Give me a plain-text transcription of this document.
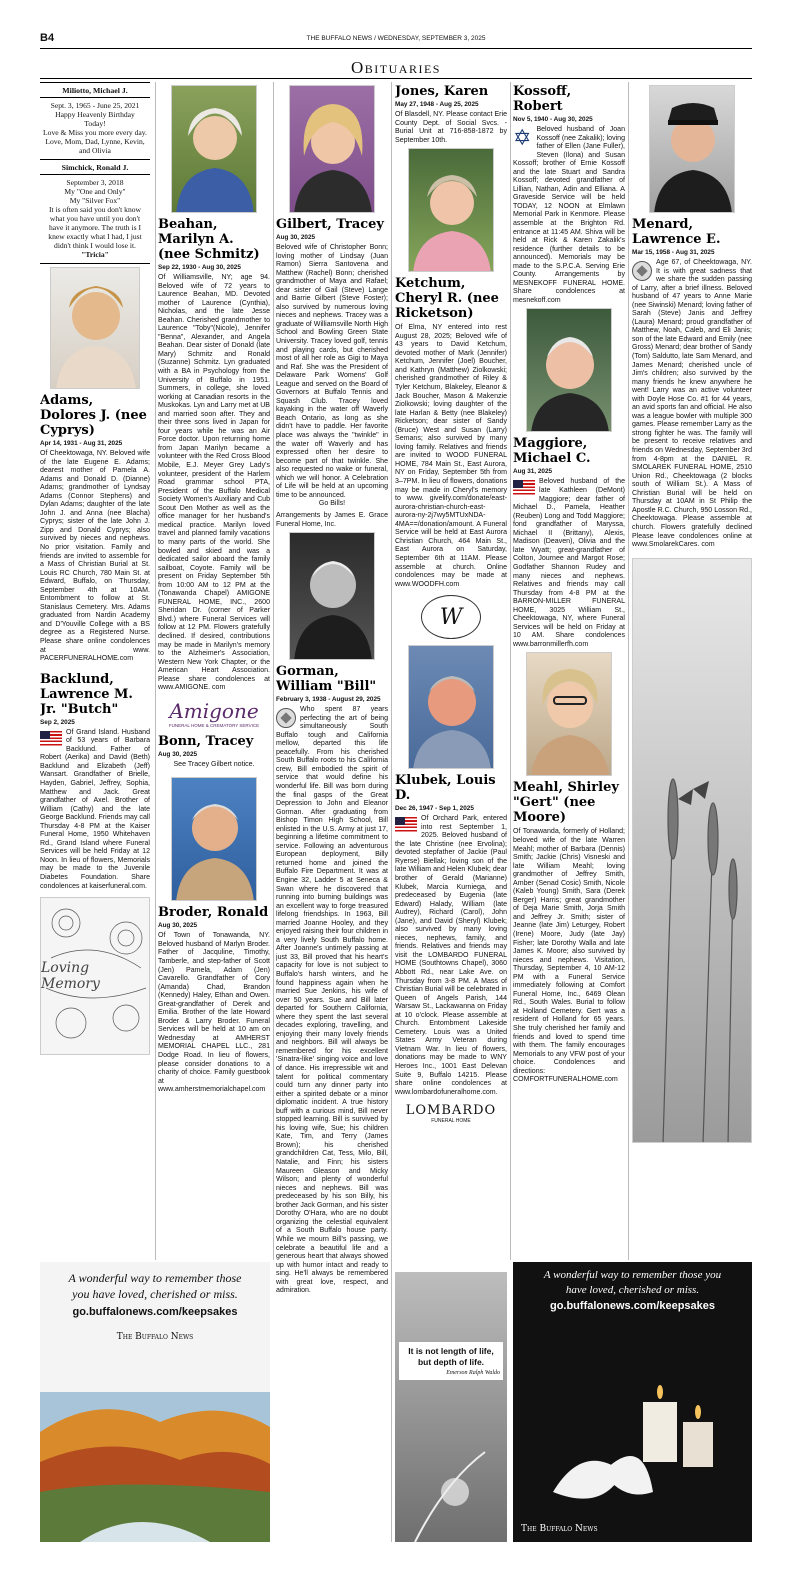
B4	THE BUFFALO NEWS / WEDNESDAY, SEPTEMBER 3, 2025
Obituaries
Miliotto, Michael J.
Sept. 3, 1965 - June 25, 2021
Happy Heavenly Birthday
Today!
Love & Miss you more every day.
Love, Mom, Dad, Lynne, Kevin,
and Olivia
Simchick, Ronald J.
September 3, 2018
My "One and Only"
My "Silver Fox"
It is often said you don't know
what you have until you don't
have it anymore. The truth is I
knew exactly what I had, I just
didn't think I would lose it.
"Tricia"
Adams, Dolores J. (nee Cyprys)
Apr 14, 1931 - Aug 31, 2025
Of Cheektowaga, NY. Beloved wife of the late Eugene E. Adams; dearest mother of Pamela A. Adams and Donald D. (Dianne) Adams; grandmother of Lyndsay Adams (Connor Stephens) and Dylan Adams; daughter of the late John J. and Anna (nee Blacha) Cyprys; sister of the late John J. Zipp and Donald Cyprys; also survived by nieces and nephews. No prior visitation. Family and friends are invited to assemble for a Mass of Christian Burial at St. Louis RC Church, 780 Main St. at Edward, Buffalo, on Thursday, September 4th at 10AM. Entombment to follow at St. Stanislaus Cemetery. Mrs. Adams graduated from Nardin Academy and D'Youville College with a BS degree as a Registered Nurse. Please share online condolences at www. PACERFUNERALHOME.com
Backlund, Lawrence M. Jr. "Butch"
Sep 2, 2025
Of Grand Island. Husband of 53 years of Barbara Backlund. Father of Robert (Aerika) and David (Beth) Backlund and Elizabeth (Jeff) Wansart. Grandfather of Brielle, Hayden, Gabriel, Jeffrey, Sophia, Matthew and Jack. Great grandfather of Axel. Brother of William (Cathy) and the late George Backlund. Friends may call Thursday 4-8 PM at the Kaiser Funeral Home, 1950 Whitehaven Rd., Grand Island where Funeral Services will be held Friday at 12 Noon. In lieu of flowers, Memorials may be made to the Juvenile Diabetes Foundation. Share condolences at kaiserfuneral.com.
Loving Memory
Beahan, Marilyn A. (nee Schmitz)
Sep 22, 1930 - Aug 30, 2025
Of Williamsville, NY; age 94. Beloved wife of 72 years to Laurence Beahan, MD. Devoted mother of Laurence (Cynthia), Nicholas, and the late Jesse Beahan. Cherished grandmother to Laurence "Toby"(Nicole), Jennifer "Benna", Alexander, and Angela Beahan. Dear sister of Donald (late Mary) Schmitz and Ronald (Suzanne) Schmitz. Lyn graduated with a BA in Psychology from the University of Buffalo in 1951. Summers, in college, she loved working at Canadian resorts in the Muskokas. Lyn and Larry met at UB and married soon after. They and their three sons lived in Japan for four years while he was an Air Force doctor. Upon returning home from Japan Marilyn became a volunteer with the Red Cross Blood Mobile, E.J. Meyer Grey Lady's volunteer, president of the Harlem Road grammar school PTA, President of the Buffalo Medical Society Women's Auxiliary and Cub Scout Den Mother as well as the office manager for her husband's medical practice. Marilyn loved travel and planned family vacations to many parts of the world. She bowled and skied and was a dedicated sailor aboard the family sailboat, Coyote. Family will be present on Friday September 5th from 10:00 AM to 12 PM at the (Tonawanda Chapel) AMIGONE FUNERAL HOME, INC., 2600 Sheridan Dr. (corner of Parker Blvd.) where Funeral Services will follow at 12 PM. Flowers gratefully declined. If desired, contributions may be made in Marilyn's memory to the Alzheimer's Association, Western New York Chapter, or the American Heart Association. Please share condolences at www.AMIGONE. com
Amigone
FUNERAL HOME & CREMATORY SERVICE
Bonn, Tracey
Aug 30, 2025
See Tracey Gilbert notice.
Broder, Ronald
Aug 30, 2025
Of Town of Tonawanda, NY. Beloved husband of Marlyn Broder. Father of Jacquline, Timothy, Tamberle, and step-father of Scott (Jen) Pamela, Adam (Jen) Cavarello. Grandfather of Cory (Amanda) Chad, Brandon (Kennedy) Haley, Ethan and Owen. Great-grandfather of Derek and Emilia. Brother of the late Howard Broder & Larry Broder. Funeral Services will be held at 10 am on Wednesday at AMHERST MEMORIAL CHAPEL LLC., 281 Dodge Road. In lieu of flowers, please consider donations to a charity of choice. Family guestbook at www.amherstmemorialchapel.com
Gilbert, Tracey
Aug 30, 2025
Beloved wife of Christopher Bonn; loving mother of Lindsay (Juan Ramon) Sierra Santovena and Matthew (Rachel) Bonn; cherished grandmother of Maya and Rafael; dear sister of Gail (Steve) Lange and Barrie Gilbert (Steve Foster); also survived by numerous loving nieces and nephews. Tracey was a graduate of Williamsville North High School and Bowling Green State University. Tracey loved golf, tennis and playing cards, but cherished most of all her role as Gigi to Maya and Raf. She was the President of Delaware Park Womens' Golf League and served on the Board of Governors at Buffalo Tennis and Squash Club. Tracey loved kayaking in the water off Waverly Beach Ontario, as long as she didn't have to paddle. Her favorite place was always the "twinkle" in the water off Waverly and has expressed often her desire to become part of that twinkle. She also requested no wake or funeral, which we will honor. A Celebration of Life will be held at an upcoming time to be announced.
Go Bills!
Arrangements by James E. Grace Funeral Home, Inc.
Gorman, William "Bill"
February 3, 1938 - August 29, 2025
Who spent 87 years perfecting the art of being simultaneously South Buffalo tough and California mellow, departed this life peacefully. From his cherished South Buffalo roots to his California crew, Bill embodied the spirit of service that would define his wonderful life. Bill was born during the final gasps of the Great Depression to John and Eleanor Gorman. After graduating from Bishop Timon High School, Bill enlisted in the U.S. Army at just 17, beginning a lifetime commitment to service. Following an adventurous European deployment, Billy returned home and joined the Buffalo Fire Department. It was at Engine 32, Ladder 5 at Seneca & Swan where he discovered that running into burning buildings was an excellent way to forge treasured lifelong friendships. In 1963, Bill married Joanne Hooley, and they enjoyed raising their four children in a very lively South Buffalo home. After Joanne's untimely passing at just 33, Bill proved that his heart's capacity for love is not subject to Buffalo's harsh winters, and he found happiness again when he married Sue Jenkins, his wife of over 50 years. Sue and Bill later departed for Southern California, where they spent the last several decades exploring, travelling, and enjoying their many lovely friends and neighbors. Bill will always be remembered for his excellent 'Sinatra-like' singing voice and love of dance. His irrepressible wit and talent for political commentary could turn any dinner party into either a spirited debate or a minor diplomatic incident. A true history buff with a curious mind, Bill never stopped learning. Bill is survived by his loving wife, Sue; his children Kate, Tim, and Terry (James Brown); his cherished grandchildren Cat, Tess, Milo, Bill, Natalie, and Finn; his sisters Maureen Gleason and Micky Wilson; and plenty of wonderful nieces and nephews. Bill was predeceased by his son Billy, his brother Jack Gorman, and his sister Dorothy O'Hara, who are no doubt organizing the celestial equivalent of a South Buffalo house party. While we mourn Bill's passing, we celebrate a beautiful life and a generous heart that always showed up with humor intact and ready to sing. He'll always be remembered with great love, respect, and admiration.
Jones, Karen
May 27, 1948 - Aug 25, 2025
Of Blasdell, NY. Please contact Erie County Dept. of Social Svcs. - Burial Unit at 716-858-1872 by September 10th.
Ketchum, Cheryl R. (nee Ricketson)
Of Elma, NY entered into rest August 28, 2025; Beloved wife of 43 years to David Ketchum, devoted mother of Mark (Jennifer) Ketchum, Jennifer (Joel) Boucher, and Kathryn (Matthew) Ziolkowski; cherished grandmother of Riley & Tyler Ketchum, Blakeley, Eleanor & Jack Boucher, Mason & Makenzie Ziolkowski; loving daughter of the late Harlan & Betty (nee Blakeley) Ricketson; dear sister of Sandy (Bruce) West and Susan (Larry) Semans; also survived by many loving family. Relatives and friends are invited to WOOD FUNERAL HOME, 784 Main St., East Aurora, NY on Friday, September 5th from 3–7PM. In lieu of flowers, donations may be made in Cheryl's memory to www. givelify.com/donate/east-aurora-christian-church-east-aurora-ny-2j7wy5MTUxNDA-4MA==/donation/amount. A Funeral Service will be held at East Aurora Christian Church, 464 Main St., East Aurora on Saturday, September 6th at 11AM. Please assemble at church. Online condolences may be made at www.WOODFH.com
W
Klubek, Louis D.
Dec 26, 1947 - Sep 1, 2025
Of Orchard Park, entered into rest September 1, 2025. Beloved husband of the late Christine (nee Ervolina); devoted stepfather of Jackie (Paul Ryerse) Biellak; loving son of the late William and Helen Klubek; dear brother of Gerald (Marianne) Klubek, Marcia Kurniega, and predeceased by Eugenia (late Edward) Halady, William (late Audrey), Richard (Carol), John (Jane), and David (Sheryl) Klubek; also survived by many loving nieces, nephews, family, and friends. Relatives and friends may visit the LOMBARDO FUNERAL HOME (Southtowns Chapel), 3060 Abbott Rd., near Lake Ave. on Thursday from 3-8 PM. A Mass of Christian Burial will be celebrated in Queen of Angels Parish, 144 Warsaw St., Lackawanna on Friday at 10 o'clock. Please assemble at Church. Entombment Lakeside Cemetery. Louis was a United States Army Veteran during Vietnam War. In lieu of flowers, donations may be made to WNY Heroes Inc., 1001 East Delevan Suite 9, Buffalo 14215. Please share online condolences at www.lombardofuneralhome.com.
LOMBARDO
FUNERAL HOME
Kossoff, Robert
Nov 5, 1940 - Aug 30, 2025
✡ Beloved husband of Joan Kossoff (nee Zakalik); loving father of Ellen (Jane Fuller), Steven (Ilona) and Susan Kossoff; brother of Ernie Kossoff and the late Stuart and Sandra Kossoff; devoted grandfather of Lillian, Nathan, Adin and Elliana. A Graveside Service will be held TODAY, 12 NOON at Elmlawn Memorial Park in Kenmore. Please assemble at the Brighton Rd. entrance at 11:45 AM. Shiva will be held at Rick & Karen Zakalik's residence (further details to be announced). Memorials may be made to the S.P.C.A. Serving Erie County. Arrangements by MESNEKOFF FUNERAL HOME. Share condolences at mesnekoff.com
Maggiore, Michael C.
Aug 31, 2025
Beloved husband of the late Kathleen (DeMont) Maggiore; dear father of Michael D., Pamela, Heather (Reuben) Long and Todd Maggiore; fond grandfather of Maryssa, Michael II (Brittany), Alexis, Madison (Deaven), Olivia and the late Wyatt; great-grandfather of Colton, Journee and Margot Rose; Godfather Shannon Rudey and many nieces and nephews. Relatives and friends may call Thursday from 4-8 PM at the BARRON-MILLER FUNERAL HOME, 3025 William St., Cheektowaga, NY, where Funeral Services will be held on Friday at 10 AM. Share condolences www.barronmillerfh.com
Meahl, Shirley "Gert" (nee Moore)
Of Tonawanda, formerly of Holland; beloved wife of the late Warren Meahl; mother of Barbara (Dennis) Smith; Jackie (Chris) Visneski and late William Meahl; loving grandmother of Jeffrey Smith, Amber (Senad Cosic) Smith, Nicole (Kaleb Young) Smith, Sara (Derek Berger) Harris; great grandmother of Deja Marie Smith, Jorja Smith and Jeffrey Jr. Smith; sister of Jeanne (late Jim) Leturgey, Robert (Irene) Moore, Judy (late Jay) Fisher; late Dorothy Walla and late James K. Moore; also survived by nieces and nephews. Visitation, Thursday, September 4, 10 AM-12 PM with a Funeral Service immediately following at Comfort Funeral Home, Inc., 6469 Olean Rd., South Wales. Burial to follow at Holland Cemetery. Gert was a resident of Holland for 65 years. She truly cherished her family and friends and loved to spend time with them. The family encourages Memorials to any VFW post of your choice. Condolences and directions: COMFORTFUNERALHOME.com
Menard, Lawrence E.
Mar 15, 1958 - Aug 31, 2025
Age 67, of Cheektowaga, NY. It is with great sadness that we share the sudden passing of Larry, after a brief illness. Beloved husband of 47 years to Anne Marie (nee Siwinski) Menard; loving father of Sarah (Steve) Janis and Jeffrey (Laura) Menard; proud grandfather of Matthew, Noah, Caleb, and Eli Janis; son of the late Edward and Emily (nee Gross) Menard; dear brother of Sandy (Tom) Saldutto, late Sam Menard, and James Menard; cherished uncle of Jim's children; also survived by the many friends he knew anywhere he went! Larry was an active volunteer with Doyle Hose Co. #1 for 44 years, an avid sports fan and official. He also was a league bowler with multiple 300 games. Please remember Larry as the strong fighter he was. The family will be present to receive relatives and friends on Wednesday, September 3rd from 4-8pm at the DANIEL R. SMOLAREK FUNERAL HOME, 2510 Union Rd., Cheektowaga (2 blocks south of William St.). A Mass of Christian Burial will be held on Thursday at 10AM in St Philip the Apostle R.C. Church, 950 Losson Rd., Cheektowaga. Please assemble at church. Flowers gratefully declined Please leave condolences online at www.SmolarekCares. com
A wonderful way to remember those you have loved, cherished or miss.
go.buffalonews.com/keepsakes
The Buffalo News
It is not length of life, but depth of life.
Emerson Ralph Waldo
A wonderful way to remember those you have loved, cherished or miss.
go.buffalonews.com/keepsakes
The Buffalo News
